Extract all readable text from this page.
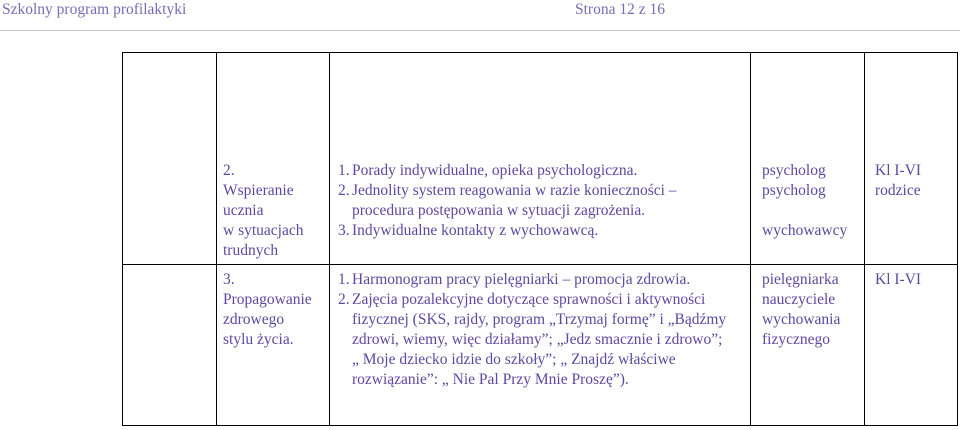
Szkolny program profilaktyki	Strona 12 z 16

2.

Wspieranie

ucznia

w sytuacjach

trudnych

1. Porady indywidualne, opieka psychologiczna.
2. Jednolity system reagowania w razie konieczności – procedura postępowania w sytuacji zagrożenia.
3. Indywidualne kontakty z wychowawcą.

psycholog

psycholog

wychowawcy

Kl I-VI

rodzice

3.

Propagowanie

zdrowego

stylu życia.

1. Harmonogram pracy pielęgniarki – promocja zdrowia.
2. Zajęcia pozalekcyjne dotyczące sprawności i aktywności fizycznej (SKS, rajdy, program „Trzymaj formę” i „Bądźmy zdrowi, wiemy, więc działamy”; „Jedz smacznie i zdrowo”; „ Moje dziecko idzie do szkoły”; „ Znajdź właściwe rozwiązanie”: „ Nie Pal Przy Mnie Proszę”).

pielęgniarka

nauczyciele

wychowania

fizycznego

Kl I-VI
